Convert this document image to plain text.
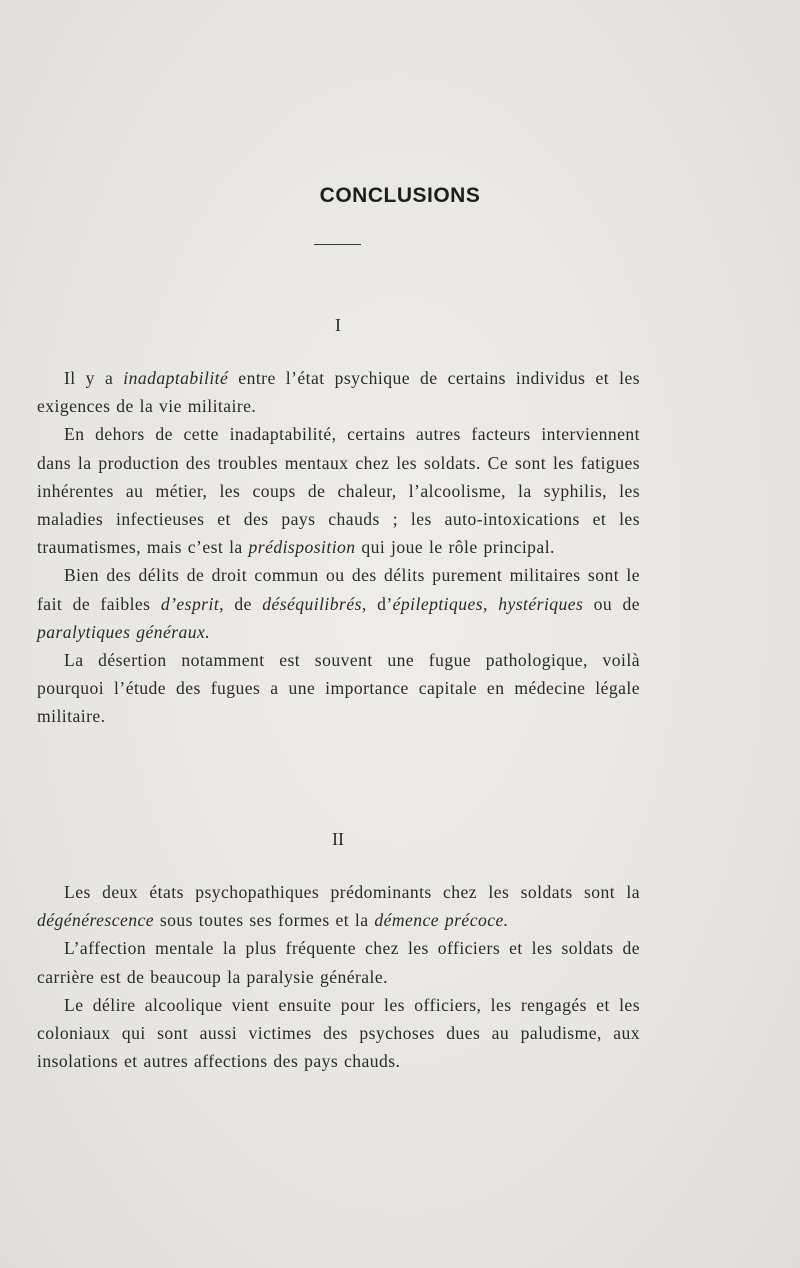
CONCLUSIONS
I

Il y a inadaptabilité entre l’état psychique de certains individus et les exigences de la vie militaire.

En dehors de cette inadaptabilité, certains autres facteurs interviennent dans la production des troubles mentaux chez les soldats. Ce sont les fatigues inhérentes au métier, les coups de chaleur, l’alcoolisme, la syphilis, les maladies infectieuses et des pays chauds ; les auto-intoxications et les traumatismes, mais c’est la prédisposition qui joue le rôle principal.

Bien des délits de droit commun ou des délits purement militaires sont le fait de faibles d’esprit, de déséquilibrés, d’épileptiques, hystériques ou de paralytiques généraux.

La désertion notamment est souvent une fugue pathologique, voilà pourquoi l’étude des fugues a une importance capitale en médecine légale militaire.

II

Les deux états psychopathiques prédominants chez les soldats sont la dégénérescence sous toutes ses formes et la démence précoce.

L’affection mentale la plus fréquente chez les officiers et les soldats de carrière est de beaucoup la paralysie générale.

Le délire alcoolique vient ensuite pour les officiers, les rengagés et les coloniaux qui sont aussi victimes des psychoses dues au paludisme, aux insolations et autres affections des pays chauds.
